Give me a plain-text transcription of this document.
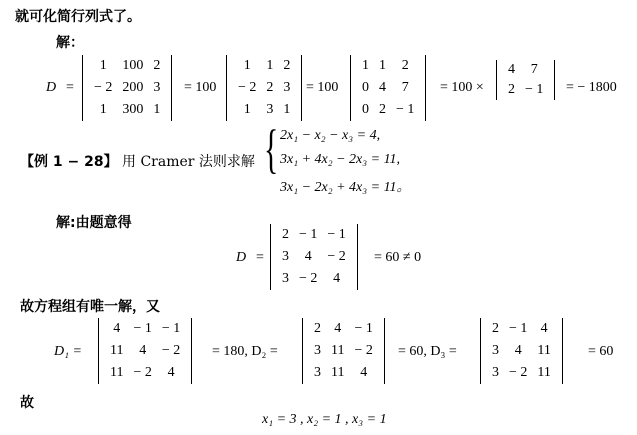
就可化简行列式了。
解：
D =
1	100	2
− 2	200	3
1	300	1
= 100
1	1	2
− 2	2	3
1	3	1
= 100
1	1	2
0	4	7
0	2	− 1
= 100 ×
4	7
2	− 1 = − 1800
【例 1 − 28】 用 Cramer 法则求解 { 2x₁ − x₂ − x₃ = 4,
3x₁ + 4x₂ − 2x₃ = 11,
3x₁ − 2x₂ + 4x₃ = 11。
解:由题意得
D =
2	− 1	− 1
3	4	− 2
3	− 2	4
= 60 ≠ 0
故方程组有唯一解，又
D₁ =
4	− 1	− 1
11	4	− 2
11	− 2	4
= 180, D₂ =
2	4	− 1
3	11	− 2
3	11	4
= 60, D₃ =
2	− 1	4
3	4	11
3	− 2	11
= 60
故
x₁ = 3 , x₂ = 1 , x₃ = 1
